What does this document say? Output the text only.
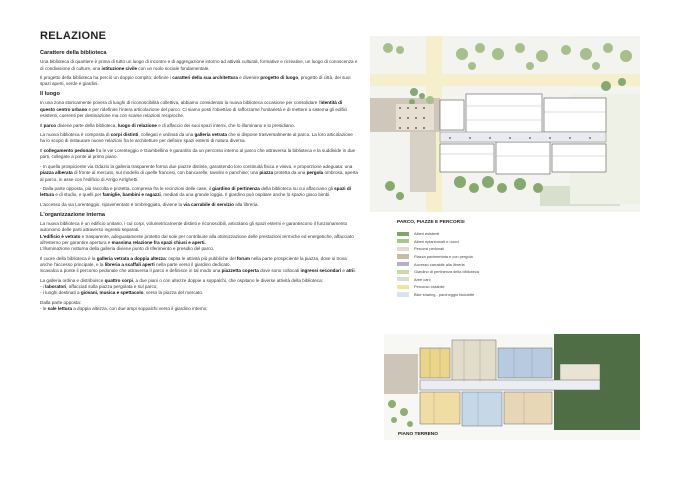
RELAZIONE
Carattere della biblioteca

Una biblioteca di quartiere è prima di tutto un luogo di incontro e di aggregazione intorno ad attività culturali, formative e ricreative, un luogo di conoscenza e di condivisione di culture, una istituzione civile con un ruolo sociale fondamentale.

Il progetto della biblioteca ha perciò un doppio compito: definire i caratteri della sua architettura e divenire progetto di luogo, progetto di città, dei suoi spazi aperti, verde e giardini.

Il luogo

In una zona storicamente povera di luoghi di riconoscibilità collettiva, abbiamo considerato la nuova biblioteca occasione per consolidare l'identità di questo centro urbano e per ridefinire l'intera articolazione del parco. Ci siamo posti l'obiettivo di rafforzarne l'unitarietà e di mettere a sistema gli edifici esistenti, coerenti per destinazione ma con scarse relazioni reciproche.

Il parco diviene parte della biblioteca, luogo di relazione e di affaccio dei suoi spazi interni, che lo illuminano e lo presidiano.

La nuova biblioteca è composta di corpi distinti, collegati e ordinati da una galleria vetrata che si dispone trasversalmente al parco. La loro articolazione ha lo scopo di instaurare nuove relazioni fra le architetture per definire spazi esterni di natura diversa.

Il collegamento pedonale fra le vie Lorenteggio e Giambellino è garantito da un percorso interno al parco che attraversa la biblioteca e la suddivide in due parti, collegate a ponte al primo piano.

- In quella prospiciente via Odazio la galleria trasparente forma due piazze distinte, garantendo loro continuità fisica e visiva, e proporzione adeguata: una piazza alberata di fronte al mercato, sul modello di quelle francesi, con bancarelle, tavolini e panchine; una piazza protetta da una pergola ombrosa, aperta al parco, in asse con l'edificio di Arrigo Arrighetti.

- Dalla parte opposta, più raccolta e protetta, compresa fra le recinzioni delle case, il giardino di pertinenza della biblioteca su cui affacciano gli spazi di lettura e di studio, e quelli per famiglie, bambini e ragazzi, mediati da una grande loggia. Il giardino può ospitare anche lo spazio gioco bimbi.

L'accesso da via Lorenteggio, ripavimentato e ombreggiato, diviene la via carrabile di servizio alla libreria.

L'organizzazione interna

La nuova biblioteca è un edificio unitario, i cui corpi, volumetricamente distinti e riconoscibili, articolano gli spazi esterni e garantiscono il funzionamento autonomo delle parti attraverso ingressi separati.
L'edificio è vetrato e trasparente, adeguatamente protetto dal sole per contribuire alla ottimizzazione delle prestazioni termiche ed energetiche, affacciato all'esterno per garantire apertura e massima relazione fra spazi chiusi e aperti.
L'illuminazione notturna della galleria diviene punto di riferimento e presidio del parco.

Il cuore della biblioteca è la galleria vetrata a doppia altezza: ospita le attività più pubbliche del forum nella parte prospiciente la piazza, dove si trova anche l'accesso principale, e la libreria a scaffali aperti nella parte verso il giardino dedicato.
Scavalca a ponte il percorso pedonale che attraversa il parco e definisce in tal modo una piazzetta coperta dove sono collocati ingressi secondari e atrii.

La galleria ordina e distribuisce quattro corpi, a due piani o con altezze doppie a soppalchi, che ospitano le diverse attività della biblioteca:
- i laboratori, affacciati sulla piazza pergolata e sul parco;
- i luoghi destinati a giovani, musica e spettacolo, verso la piazza del mercato.

Dalla parte opposta:
- le sale lettura a doppia altezza, con due ampi soppalchi verso il giardino interno;

PARCO, PIAZZE E PERCORSI
Alberi esistenti
Alberi ripiantumati e nuovi
Percorsi pedonali
Piazza pavimentata e con pergola
Accesso carrabile alla libreria
Giardino di pertinenza della biblioteca
Aree cani
Percorso ciclabile
Bike sharing - parcheggio biciclette
PIANO TERRENO
